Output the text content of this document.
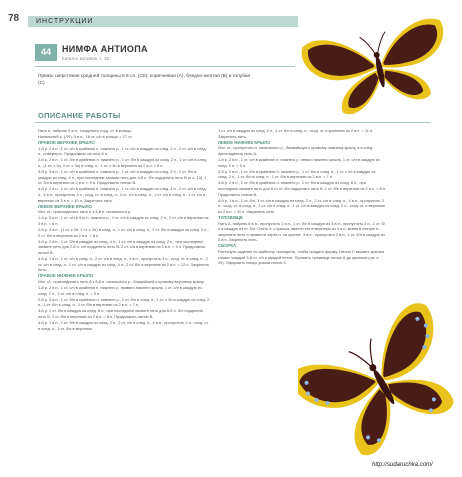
78 ИНСТРУКЦИИ
44	НИМФА АНТИОПА
Каталог мотивов, с. 32
Пряжа: шерстяная средней толщины в 8 сл. (СК): коричневая (А), бледно-желтая (В) и голубая (С)
ОПИСАНИЕ РАБОТЫ

Нить А, набрать 5 в.п., соединить сссд. ст. в кольцо.

Начальный р. (ЛЧ): 3 в.п., 16 ст. с/н в кольцо = 17 ст.

ПРАВОЕ ВЕРХНЕЕ КРЫЛО

1-й р. 2 в.п., 1 ст. с/н в крайнюю п. нижнего р., 1 ст. с/н в каждую из след. 2 п., 2 ст. с/н в след. п., повернуть. Продолжать на этих 6 п.

2-й р. 2 в.п., 1 ст. б/н в крайнюю п. нижнего р., 1 ст. б/н в каждую из след. 2 п., 2 ст. с/н в след. п., (1 ст. с 2н, 1 ст. с 3н) в след. п., 1 ст. с 3н в верхнюю из 2 в.п. = 8 п.

3-й р. 3 в.п., 1 ст. с/н в крайнюю п. нижнего р., 1 ст. с/н в каждую из след. 2 п., 1 ст. б/н в каждую из след. 4 п., при последнем захвате нить для 4-й п. б/н подцепить нить В (н с. 13). 1 ст. б/н в верхнюю из 2 в.п. = 9 п. Продолжить нитью В.

4-й р. 2 в.п., 1 ст. с/н в крайнюю п. нижнего р., 1 ст. с/н в каждую из след. 4 п., 2 ст. с/н в след. п., 4 в.п., пропустить 3 п., сссд. ст. в след. п., 2 ст. с/н в след. п., 1 ст. с/н в след. п., 1 ст. с/н в верхнюю из 3 в.п. = 10 п. Закрепить нить.

ЛЕВОЕ ВЕРХНЕЕ КРЫЛО

Изн. ст., присоединить нить А к 4-й п. начального р.

1-й р. 3 в.п., 1 ст. с/н в 4-ю п. нижнего р., 1 ст. с/н в каждую из след. 2 п., 2 ст. с/н в верхнюю из 3 в.п. = 6 п.

2-й р. 3 в.п., (1 ст. с 3н, 1 ст. с 2н) в след. п., 1 ст. с/н в след. п., 1 ст. б/н в каждую из след. 2 п., 2 ст. б/н в верхнюю из 2 в.п. = 8 п.

3-й р. 2 в.п., 1 ст. б/н в каждую из след. 4 п., 1 ст. с/н в каждую из след. 2 п., при последнем захвате нить для 2-й п. с/н подцепить нить В, 2 ст. с/н в верхнюю из 3 в.п. = 9 п. Продолжить нитью В.

4-й р. 1 в.п., 1 ст. с/н в след. п., 2 ст. с/н в след. п., 4 в.п., пропустить 3 п., сссд. ст. в след. п., 2 ст. с/н в след. п., 1 ст. с/н в каждую из след. 4 п., 2 ст. б/н в верхнюю из 2 в.п. = 12 п. Закрепить нить.

ПРАВОЕ НИЖНЕЕ КРЫЛО

Изн. ст., присоединить нить А к 8-й п. начального р., ближайшей к правому верхнему крылу.

1-й р. 2 в.п., 1 ст. с/н в крайнюю п. нижнего р. правого нижнего крыла, 1 ст. с/н в каждую из след. 2 п., 2 ст. с/н в след. п. = 5 п.

2-й р. 2 в.п., 1 ст. б/н в крайнюю п. нижнего р., 1 ст. б/н в след. п., 1 ст. с 2н в каждую из след. 2 п., 1 ст. б/н в след. п., 1 ст. б/н в верхнюю из 2 в.п. = 7 п.

3-й р. 1 ст. б/н в каждую из след. 6 п., при последнем захвате нить для 6-й п. б/н подцепить нить В, 1 ст. б/н в верхнюю из 2 в.п. = 8 п. Продолжить нитью В.

4-й р. 1 в.п., 1 ст. б/н в каждую из след. 2 п., 2 ст. с/н в след. п., 4 в.п., пропустить 2 п., сссд. ст. в след. п., 1 ст. б/н в верхнюю

1 ст. с/н в каждую из след. 2 п., 1 ст. б/н в след. п., сссд. ст. в крайнюю из 2 в.п. = 11 п. Закрепить нить.

ЛЕВОЕ НИЖНЕЕ КРЫЛО

Изн. ст., пропустить п. начального р., ближайшую к правому нижнему крылу, а в след. присоединить нить А.

1-й р. 2 в.п., 1 ст. с/н в крайнюю п. нижнего р. левого нижнего крыла, 1 ст. с/н в каждую из след. 2 п. = 5 п.

2-й р. 2 в.п., 1 ст. б/н в крайнюю п. нижнего р., 1 ст. б/н в след. п., 1 ст. с 2н в каждую из след. 2 п., 1 ст. б/н в след. п., 1 ст. б/н в верхнюю из 2 в.п. = 7 п.

3-й р. 2 в.п., 1 ст. б/н в крайнюю п. нижнего р., 1 ст. б/н в каждую из след. 6 п., при последнем захвате нить для 6-го ст. б/н подцепить нить В, 1 ст. б/н в верхнюю из 2 в.п. = 8 п. Продолжить нитью В.

4-й р. 1 в.п., 1 ст. б/н, 1 ст. с/н в каждую из след. 2 п., 2 ст. с/н в след. п., 4 в.п., пропустить 3 п., сссд. ст. в след. п., 2 ст. с/н в след. п., 1 ст. с/н в каждую из след. 2 п., сссд. ст. в верхнюю из 2 в.п. = 11 п. Закрепить нить.

ТУЛОВИЩЕ

Нить А, набрать 6 в.п., пропустить 2 в.п., 1 ст. б/н в каждую из 4 в.п., пропустить 4 п., 1 ст. б/н в каждую из ст. б/н. Снять п. с крючка, ввести его в верхнюю из 4 в.п. затем в снятую п., закрепить нить и провести через п. на крючке. 3 в.п., пропустить 2 в.п., 1 ст. б/н в каждую из 3 в.п. Закрепить нить.

СБОРКА

Растянуть изделие по шаблону, пропарить, чтобы придать форму. Нитью С вышить крылья глазки: каждый 3-й ст. с/н в каждой петле. Прошить туловище нитью А до крыльев (см. с. 25). Оформить концы усиков нитью С.

http://sudaruchka.com/
